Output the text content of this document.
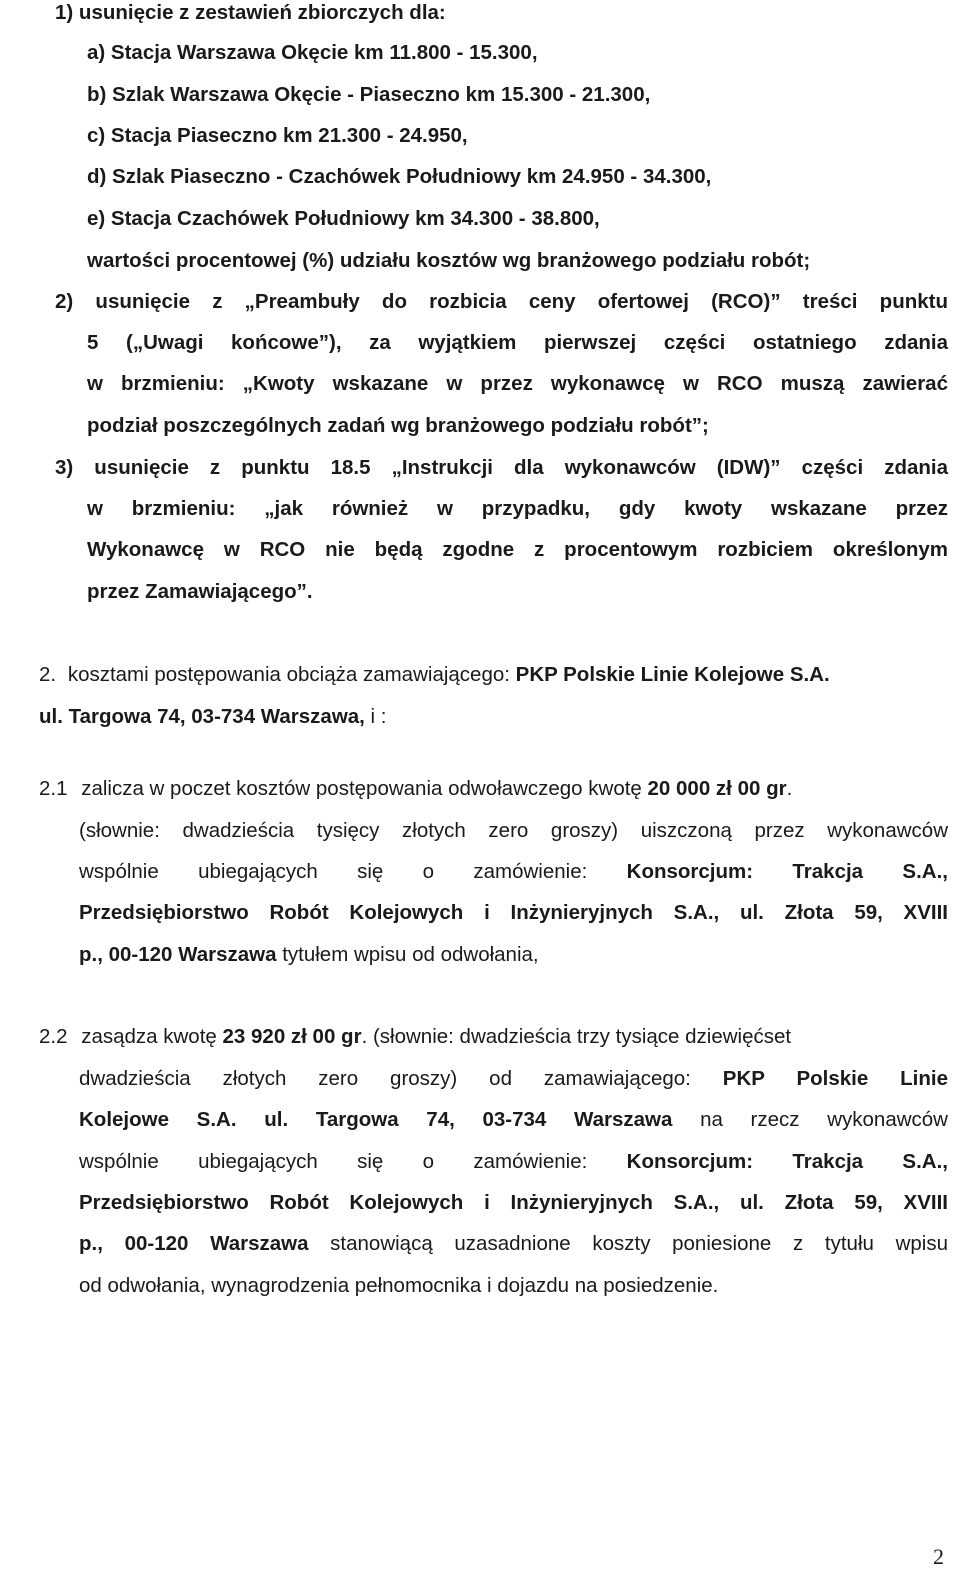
1) usunięcie z zestawień zbiorczych dla:
a) Stacja Warszawa Okęcie km 11.800 - 15.300,
b) Szlak Warszawa Okęcie - Piaseczno km 15.300 - 21.300,
c) Stacja Piaseczno km 21.300 - 24.950,
d) Szlak Piaseczno - Czachówek Południowy km 24.950 - 34.300,
e) Stacja Czachówek Południowy km 34.300 - 38.800,
wartości procentowej (%) udziału kosztów wg branżowego podziału robót;
2) usunięcie z „Preambuły do rozbicia ceny ofertowej (RCO)” treści punktu
5 („Uwagi końcowe”), za wyjątkiem pierwszej części ostatniego zdania
w brzmieniu: „Kwoty wskazane w przez wykonawcę w RCO muszą zawierać
podział poszczególnych zadań wg branżowego podziału robót”;
3) usunięcie z punktu 18.5 „Instrukcji dla wykonawców (IDW)” części zdania
w brzmieniu: „jak również w przypadku, gdy kwoty wskazane przez
Wykonawcę w RCO nie będą zgodne z procentowym rozbiciem określonym
przez Zamawiającego”.
2. kosztami postępowania obciąża zamawiającego: PKP Polskie Linie Kolejowe S.A.
ul. Targowa 74, 03-734 Warszawa, i :
2.1 zalicza w poczet kosztów postępowania odwoławczego kwotę 20 000 zł 00 gr.
(słownie: dwadzieścia tysięcy złotych zero groszy) uiszczoną przez wykonawców
wspólnie ubiegających się o zamówienie: Konsorcjum: Trakcja S.A.,
Przedsiębiorstwo Robót Kolejowych i Inżynieryjnych S.A., ul. Złota 59, XVIII
p., 00-120 Warszawa tytułem wpisu od odwołania,
2.2 zasądza kwotę 23 920 zł 00 gr. (słownie: dwadzieścia trzy tysiące dziewięćset
dwadzieścia złotych zero groszy) od zamawiającego: PKP Polskie Linie
Kolejowe S.A. ul. Targowa 74, 03-734 Warszawa na rzecz wykonawców
wspólnie ubiegających się o zamówienie: Konsorcjum: Trakcja S.A.,
Przedsiębiorstwo Robót Kolejowych i Inżynieryjnych S.A., ul. Złota 59, XVIII
p., 00-120 Warszawa stanowiącą uzasadnione koszty poniesione z tytułu wpisu
od odwołania, wynagrodzenia pełnomocnika i dojazdu na posiedzenie.
2
